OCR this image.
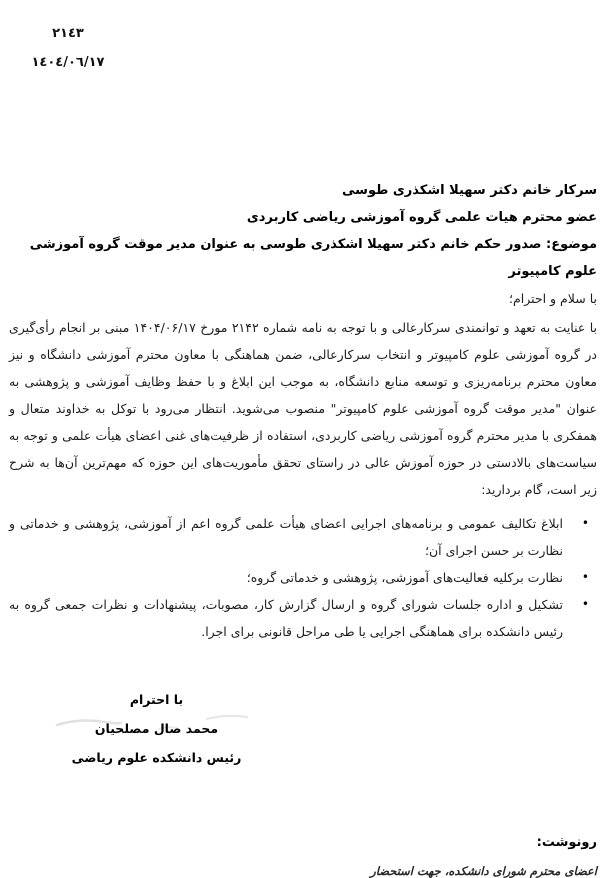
٢١٤٣
١٤٠٤/٠٦/١٧
سرکار خانم دکتر سهیلا اشکذری طوسی
عضو محترم هیات علمی گروه آموزشی ریاضی کاربردی
موضوع: صدور حکم خانم دکتر سهیلا اشکذری طوسی به عنوان مدیر موقت گروه آموزشی علوم کامپیوتر
با سلام و احترام؛
با عنایت به تعهد و توانمندی سرکارعالی و با توجه به نامه شماره ۲۱۴۲ مورخ ۱۴۰۴/۰۶/۱۷ مبنی بر انجام رأی‌گیری در گروه آموزشی علوم کامپیوتر و انتخاب سرکارعالی، ضمن هماهنگی با معاون محترم آموزشی دانشگاه و نیز معاون محترم برنامه‌ریزی و توسعه منابع دانشگاه، به موجب این ابلاغ و با حفظ وظایف آموزشی و پژوهشی به عنوان "مدیر موقت گروه آموزشی علوم کامپیوتر" منصوب می‌شوید. انتظار می‌رود با توکل به خداوند متعال و همفکری با مدیر محترم گروه آموزشی ریاضی کاربردی، استفاده از ظرفیت‌های غنی اعضای هیأت علمی و توجه به سیاست‌های بالادستی در حوزه آموزش عالی در راستای تحقق مأموریت‌های این حوزه که مهم‌ترین آن‌ها به شرح زیر است، گام بردارید:
•
ابلاغ تکالیف عمومی و برنامه‌های اجرایی اعضای هیأت علمی گروه اعم از آموزشی، پژوهشی و خدماتی و نظارت بر حسن اجرای آن؛
•
نظارت برکلیه فعالیت‌های آموزشی، پژوهشی و خدماتی گروه؛
•
تشکیل و اداره جلسات شورای گروه و ارسال گزارش کار، مصوبات، پیشنهادات و نظرات جمعی گروه به رئیس دانشکده برای هماهنگی اجرایی یا طی مراحل قانونی برای اجرا.
با احترام
محمد صال مصلحیان
رئیس دانشکده علوم ریاضی
رونوشت:
اعضای محترم شورای دانشکده، جهت استحضار
